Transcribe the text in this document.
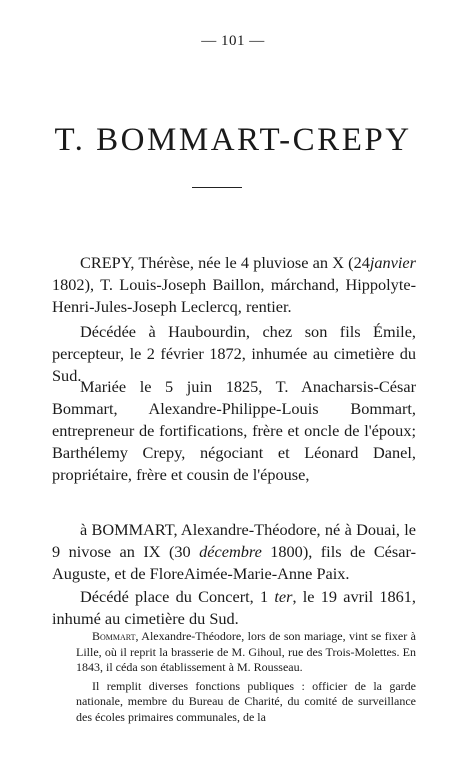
— 101 —
T. BOMMART-CREPY

CREPY, Thérèse, née le 4 pluviose an X (24janvier 1802), T. Louis-Joseph Baillon, márchand, Hippolyte-Henri-Jules-Joseph Leclercq, rentier.

Décédée à Haubourdin, chez son fils Émile, percepteur, le 2 février 1872, inhumée au cimetière du Sud.

Mariée le 5 juin 1825, T. Anacharsis-César Bommart, Alexandre-Philippe-Louis Bommart, entrepreneur de fortifications, frère et oncle de l'époux; Barthélemy Crepy, négociant et Léonard Danel, propriétaire, frère et cousin de l'épouse,

à BOMMART, Alexandre-Théodore, né à Douai, le 9 nivose an IX (30 décembre 1800), fils de César-Auguste, et de FloreAimée-Marie-Anne Paix.

Décédé place du Concert, 1 ter, le 19 avril 1861, inhumé au cimetière du Sud.

Bommart, Alexandre-Théodore, lors de son mariage, vint se fixer à Lille, où il reprit la brasserie de M. Gihoul, rue des Trois-Molettes. En 1843, il céda son établissement à M. Rousseau.

Il remplit diverses fonctions publiques : officier de la garde nationale, membre du Bureau de Charité, du comité de surveillance des écoles primaires communales, de la
